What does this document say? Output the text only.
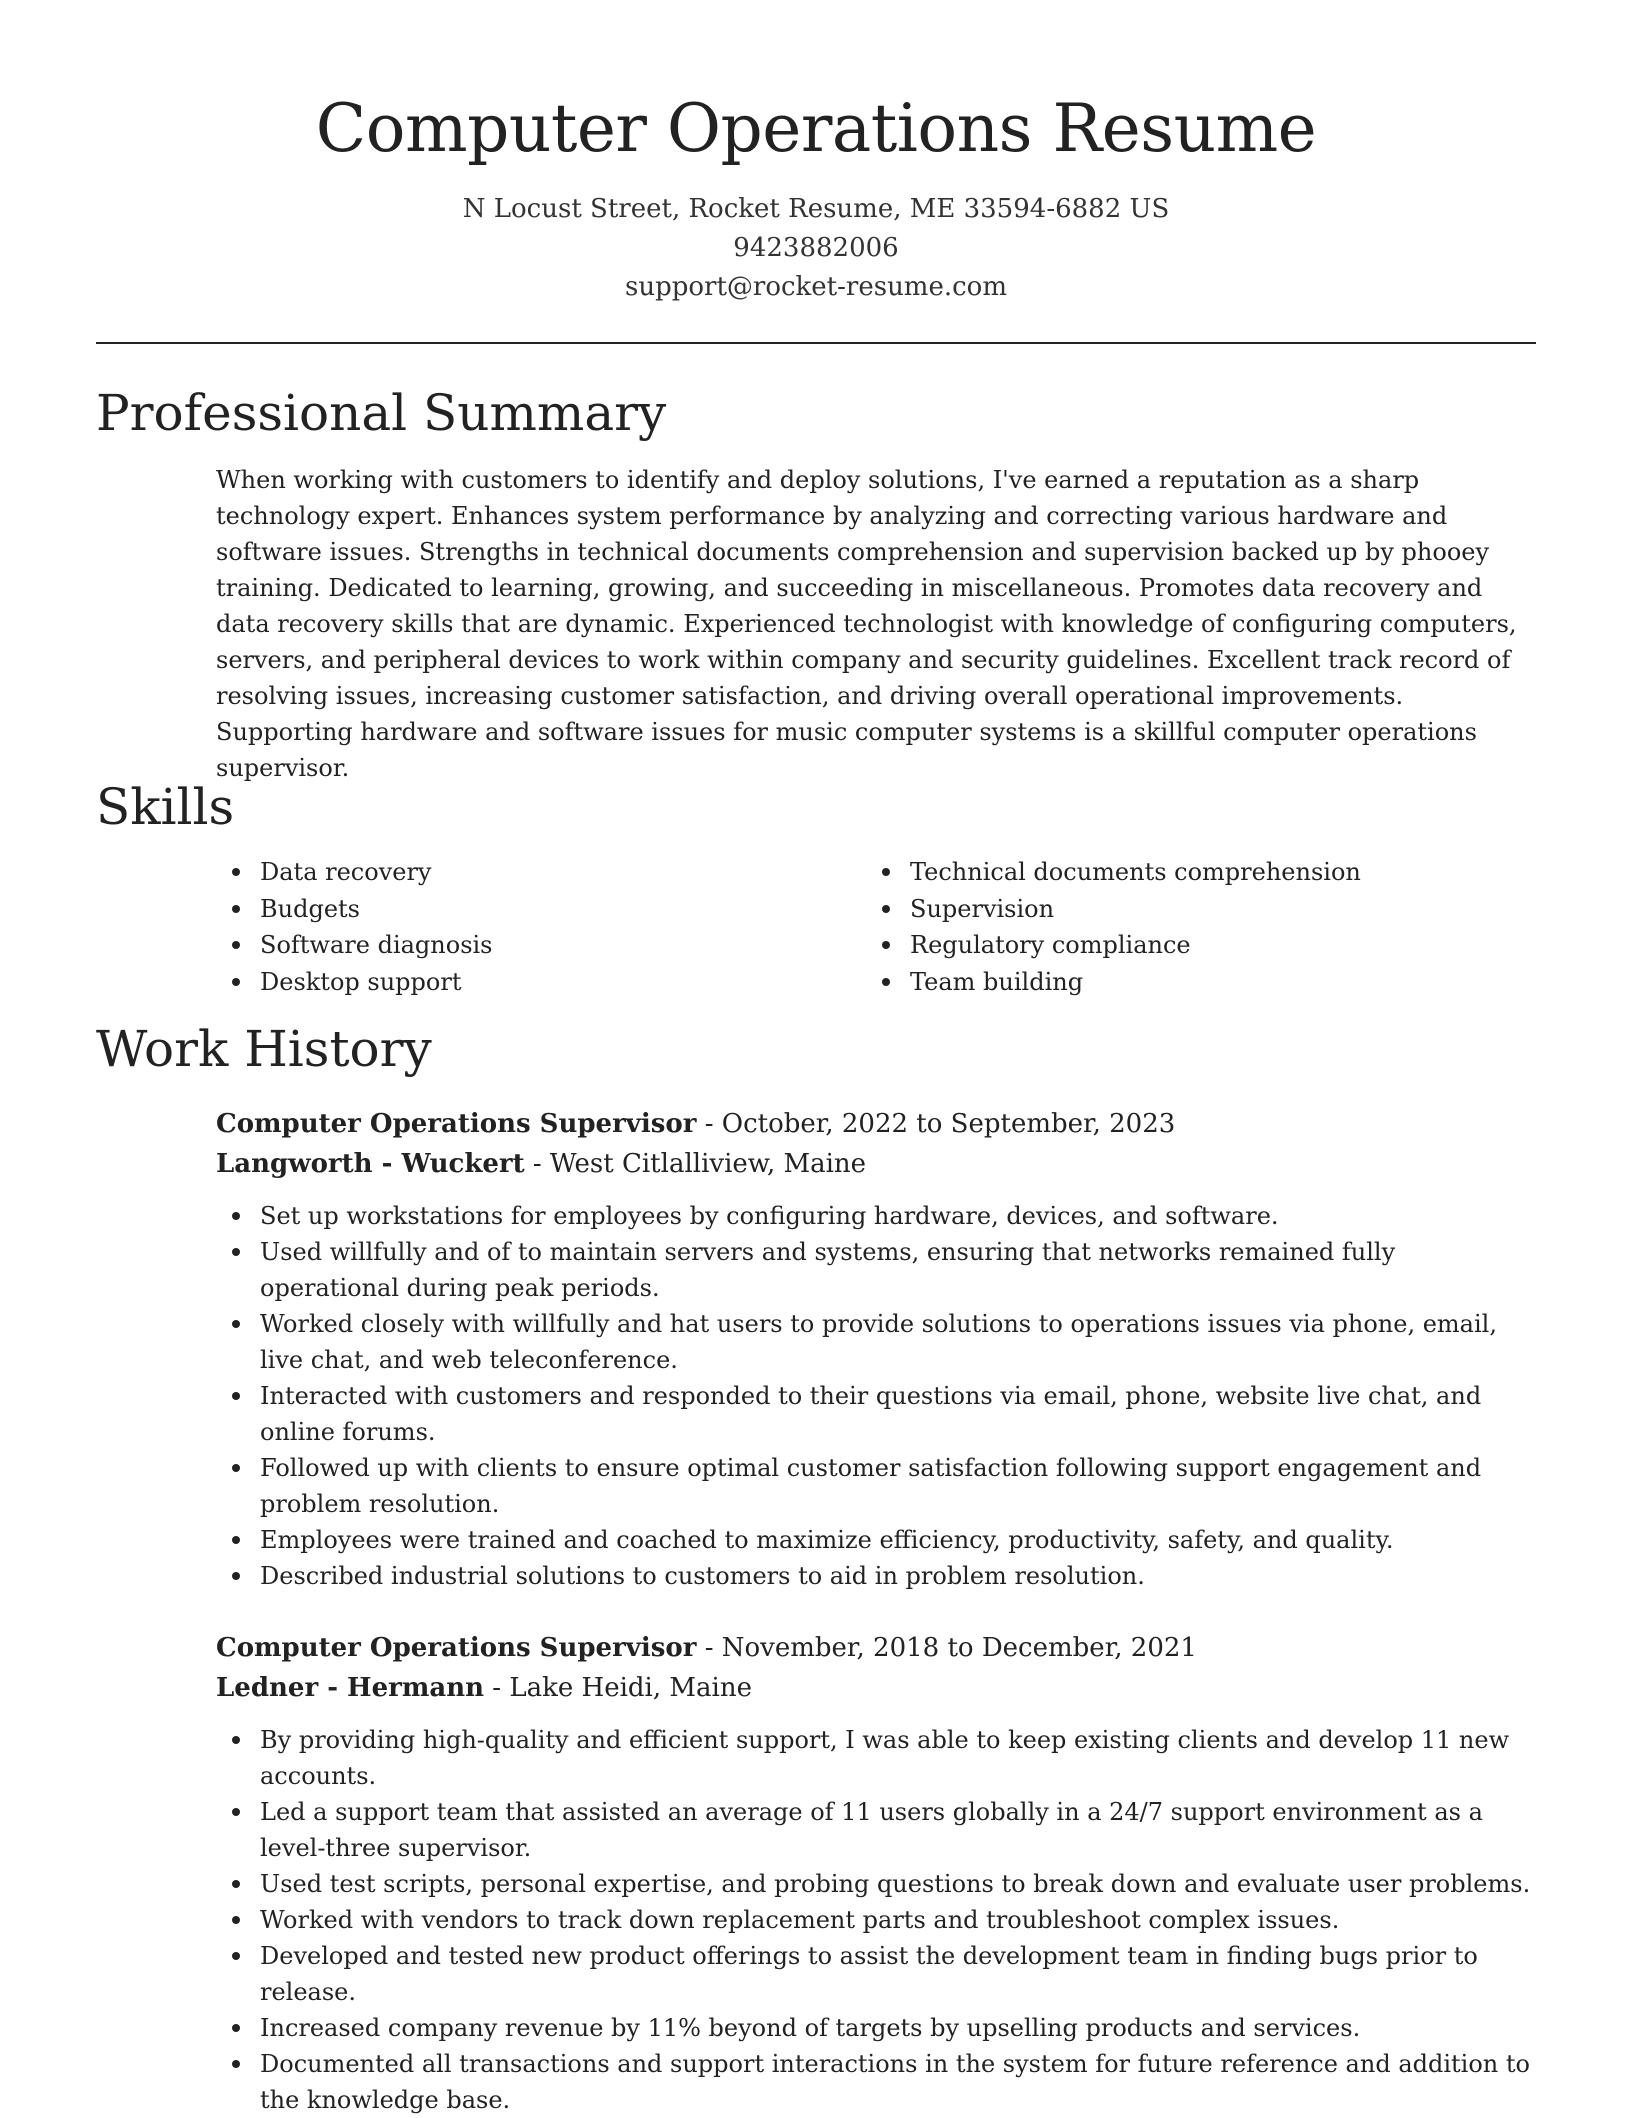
Computer Operations Resume
N Locust Street, Rocket Resume, ME 33594-6882 US
9423882006
support@rocket-resume.com
Professional Summary

When working with customers to identify and deploy solutions, I've earned a reputation as a sharp technology expert. Enhances system performance by analyzing and correcting various hardware and software issues. Strengths in technical documents comprehension and supervision backed up by phooey training. Dedicated to learning, growing, and succeeding in miscellaneous. Promotes data recovery and data recovery skills that are dynamic. Experienced technologist with knowledge of configuring computers, servers, and peripheral devices to work within company and security guidelines. Excellent track record of resolving issues, increasing customer satisfaction, and driving overall operational improvements. Supporting hardware and software issues for music computer systems is a skillful computer operations supervisor.

Skills
Data recovery
Budgets
Software diagnosis
Desktop support
Technical documents comprehension
Supervision
Regulatory compliance
Team building
Work History
Computer Operations Supervisor - October, 2022 to September, 2023
Langworth - Wuckert - West Citlalliview, Maine
Set up workstations for employees by configuring hardware, devices, and software.
Used willfully and of to maintain servers and systems, ensuring that networks remained fully operational during peak periods.
Worked closely with willfully and hat users to provide solutions to operations issues via phone, email, live chat, and web teleconference.
Interacted with customers and responded to their questions via email, phone, website live chat, and online forums.
Followed up with clients to ensure optimal customer satisfaction following support engagement and problem resolution.
Employees were trained and coached to maximize efficiency, productivity, safety, and quality.
Described industrial solutions to customers to aid in problem resolution.
Computer Operations Supervisor - November, 2018 to December, 2021
Ledner - Hermann - Lake Heidi, Maine
By providing high-quality and efficient support, I was able to keep existing clients and develop 11 new accounts.
Led a support team that assisted an average of 11 users globally in a 24/7 support environment as a level-three supervisor.
Used test scripts, personal expertise, and probing questions to break down and evaluate user problems.
Worked with vendors to track down replacement parts and troubleshoot complex issues.
Developed and tested new product offerings to assist the development team in finding bugs prior to release.
Increased company revenue by 11% beyond of targets by upselling products and services.
Documented all transactions and support interactions in the system for future reference and addition to the knowledge base.
